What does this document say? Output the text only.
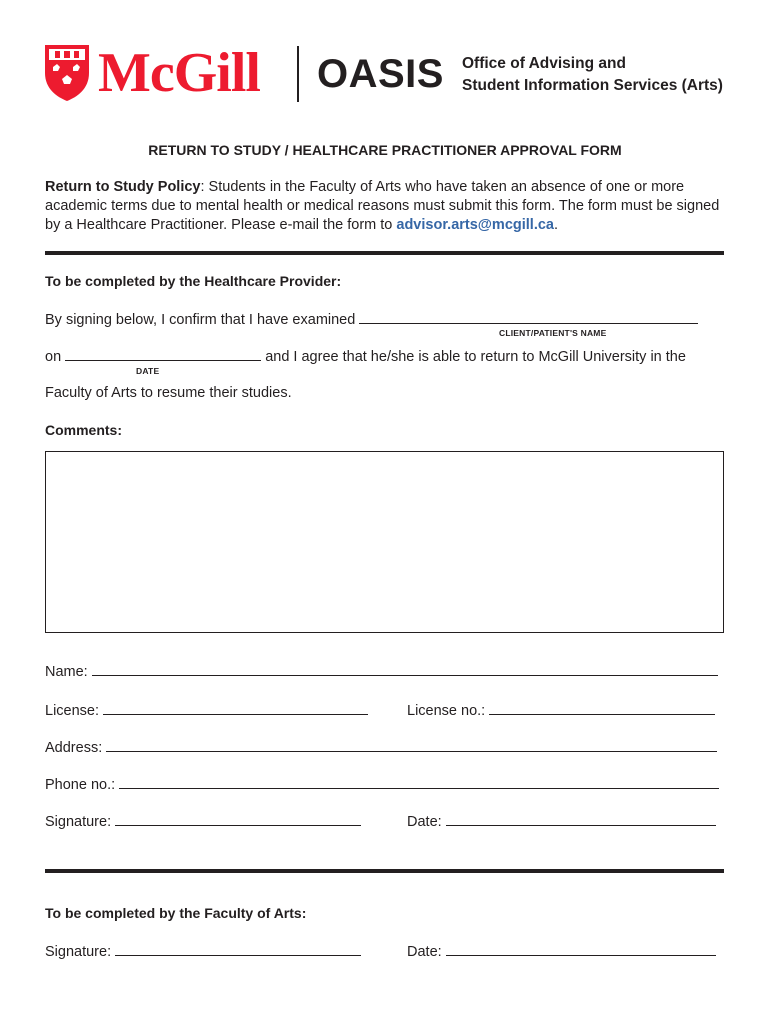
McGill OASIS Office of Advising and
Student Information Services (Arts)
RETURN TO STUDY / HEALTHCARE PRACTITIONER APPROVAL FORM
Return to Study Policy: Students in the Faculty of Arts who have taken an absence of one or more academic terms due to mental health or medical reasons must submit this form. The form must be signed by a Healthcare Practitioner. Please e-mail the form to advisor.arts@mcgill.ca.
To be completed by the Healthcare Provider:
By signing below, I confirm that I have examined
CLIENT/PATIENT'S NAME
on	and I agree that he/she is able to return to McGill University in the
DATE
Faculty of Arts to resume their studies.
Comments:
Name:
License:	License no.:
Address:
Phone no.:
Signature:	Date:
To be completed by the Faculty of Arts:
Signature:	Date:
